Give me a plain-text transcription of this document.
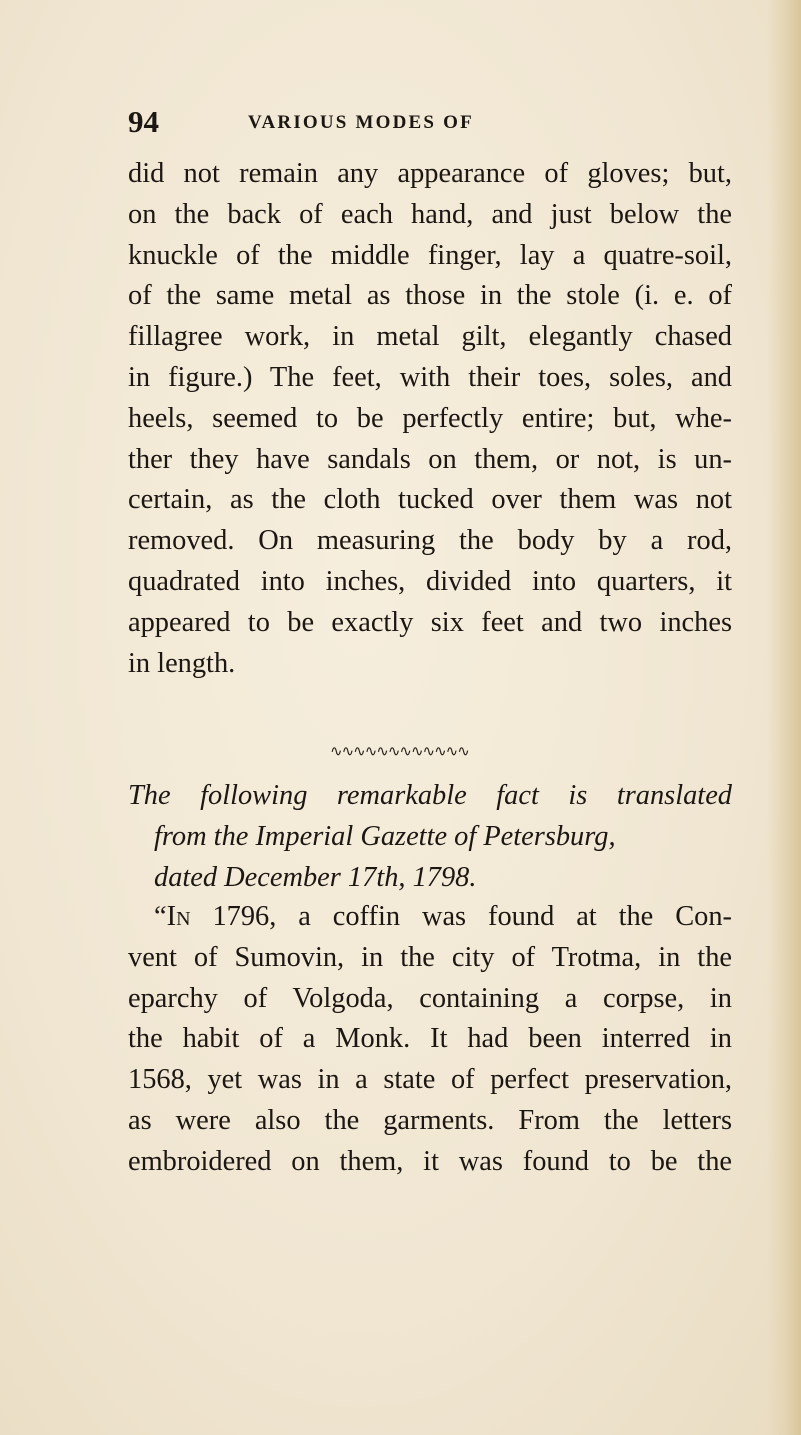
94	VARIOUS MODES OF
did not remain any appearance of gloves; but,
on the back of each hand, and just below the
knuckle of the middle finger, lay a quatre-soil,
of the same metal as those in the stole (i. e. of
fillagree work, in metal gilt, elegantly chased
in figure.) The feet, with their toes, soles, and
heels, seemed to be perfectly entire; but, whe-
ther they have sandals on them, or not, is un-
certain, as the cloth tucked over them was not
removed. On measuring the body by a rod,
quadrated into inches, divided into quarters, it
appeared to be exactly six feet and two inches
in length.
∿∿∿∿∿∿∿∿∿∿∿∿
The following remarkable fact is translated
from the Imperial Gazette of Petersburg,
dated December 17th, 1798.
“In 1796, a coffin was found at the Con-
vent of Sumovin, in the city of Trotma, in the
eparchy of Volgoda, containing a corpse, in
the habit of a Monk. It had been interred in
1568, yet was in a state of perfect preservation,
as were also the garments. From the letters
embroidered on them, it was found to be the
